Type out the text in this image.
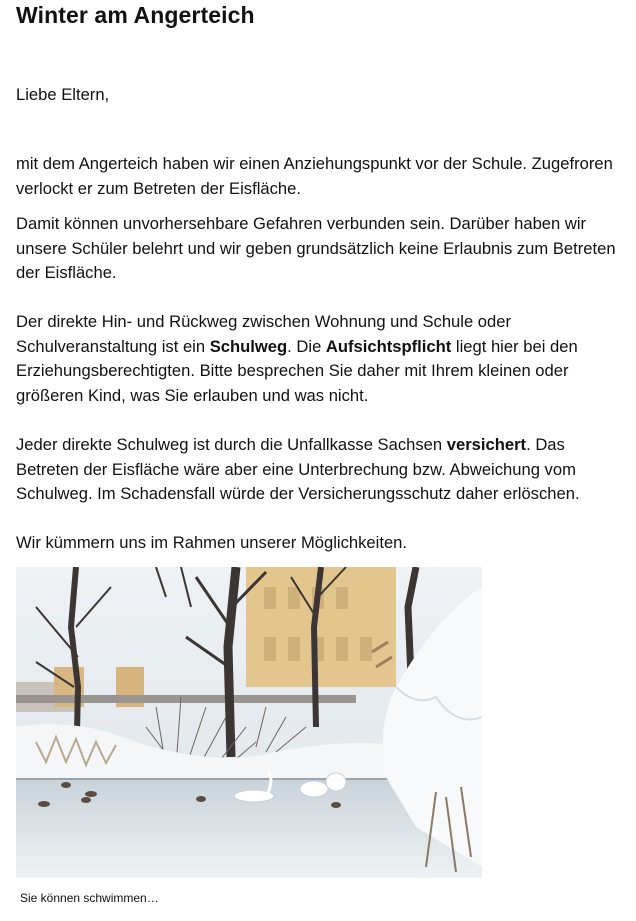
Winter am Angerteich

Liebe Eltern,

mit dem Angerteich haben wir einen Anziehungspunkt vor der Schule. Zugefroren verlockt er zum Betreten der Eisfläche.

Damit können unvorhersehbare Gefahren verbunden sein. Darüber haben wir unsere Schüler belehrt und wir geben grundsätzlich keine Erlaubnis zum Betreten der Eisfläche.

Der direkte Hin- und Rückweg zwischen Wohnung und Schule oder Schulveranstaltung ist ein Schulweg. Die Aufsichtspflicht liegt hier bei den Erziehungsberechtigten. Bitte besprechen Sie daher mit Ihrem kleinen oder größeren Kind, was Sie erlauben und was nicht.

Jeder direkte Schulweg ist durch die Unfallkasse Sachsen versichert. Das Betreten der Eisfläche wäre aber eine Unterbrechung bzw. Abweichung vom Schulweg. Im Schadensfall würde der Versicherungsschutz daher erlöschen.

Wir kümmern uns im Rahmen unserer Möglichkeiten.

Sie können schwimmen…
